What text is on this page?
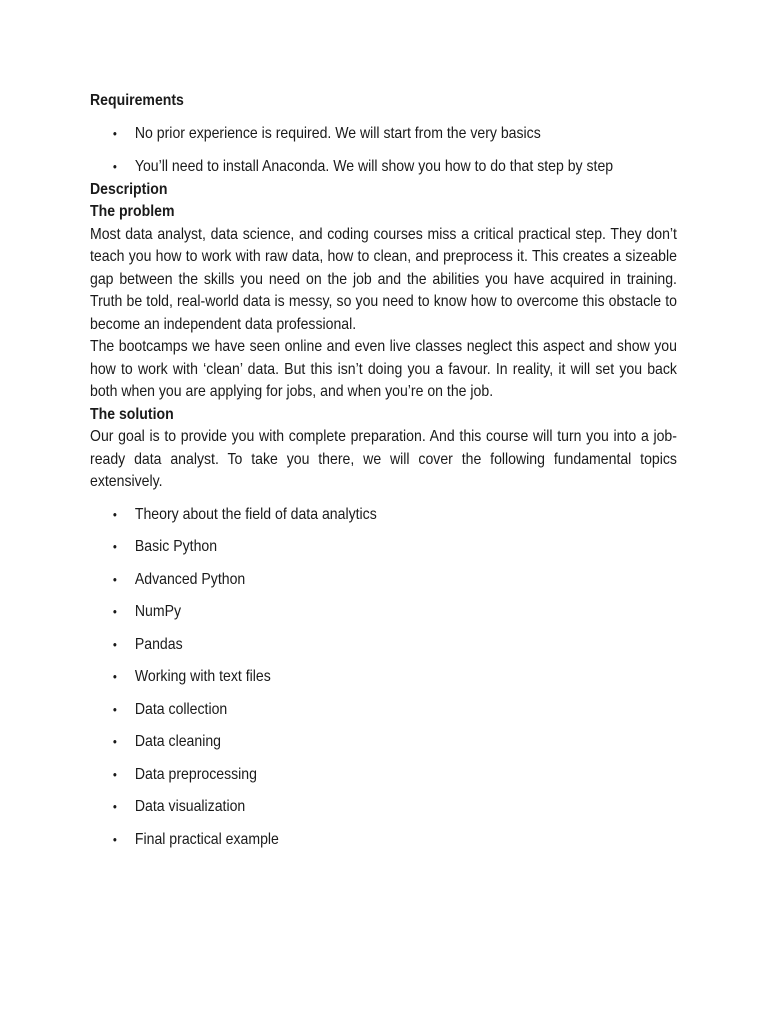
Requirements
• No prior experience is required. We will start from the very basics
• You’ll need to install Anaconda. We will show you how to do that step by step
Description
The problem

Most data analyst, data science, and coding courses miss a critical practical step. They don’t teach you how to work with raw data, how to clean, and preprocess it. This creates a sizeable gap between the skills you need on the job and the abilities you have acquired in training. Truth be told, real-world data is messy, so you need to know how to overcome this obstacle to become an independent data professional.

The bootcamps we have seen online and even live classes neglect this aspect and show you how to work with ‘clean’ data. But this isn’t doing you a favour. In reality, it will set you back both when you are applying for jobs, and when you’re on the job.

The solution

Our goal is to provide you with complete preparation. And this course will turn you into a job-ready data analyst. To take you there, we will cover the following fundamental topics extensively.

• Theory about the field of data analytics
• Basic Python
• Advanced Python
• NumPy
• Pandas
• Working with text files
• Data collection
• Data cleaning
• Data preprocessing
• Data visualization
• Final practical example
